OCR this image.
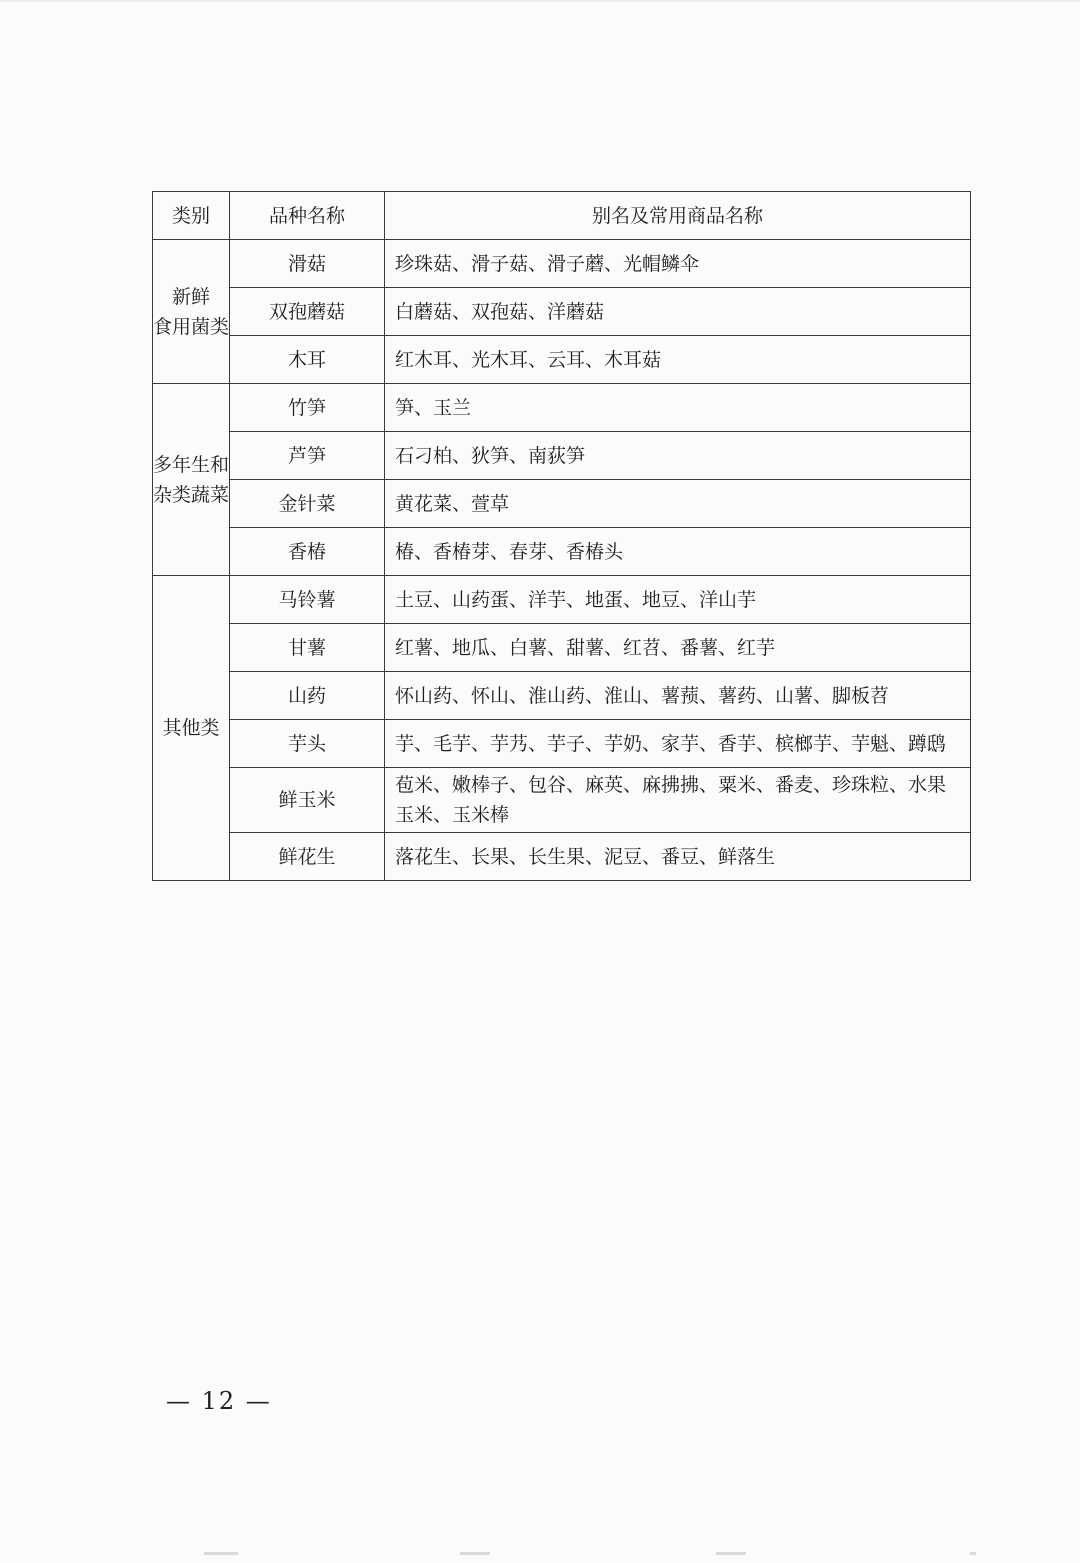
类别	品种名称	别名及常用商品名称
新鲜
食用菌类	滑菇	珍珠菇、滑子菇、滑子蘑、光帽鳞伞
	双孢蘑菇	白蘑菇、双孢菇、洋蘑菇
	木耳	红木耳、光木耳、云耳、木耳菇
多年生和
杂类蔬菜	竹笋	笋、玉兰
	芦笋	石刁柏、狄笋、南荻笋
	金针菜	黄花菜、萱草
	香椿	椿、香椿芽、春芽、香椿头
其他类	马铃薯	土豆、山药蛋、洋芋、地蛋、地豆、洋山芋
	甘薯	红薯、地瓜、白薯、甜薯、红苕、番薯、红芋
	山药	怀山药、怀山、淮山药、淮山、薯蓣、薯药、山薯、脚板苕
	芋头	芋、毛芋、芋艿、芋子、芋奶、家芋、香芋、槟榔芋、芋魁、蹲鸱
	鲜玉米	苞米、嫩棒子、包谷、麻英、麻拂拂、粟米、番麦、珍珠粒、水果玉米、玉米棒
	鲜花生	落花生、长果、长生果、泥豆、番豆、鲜落生
— 12 —
